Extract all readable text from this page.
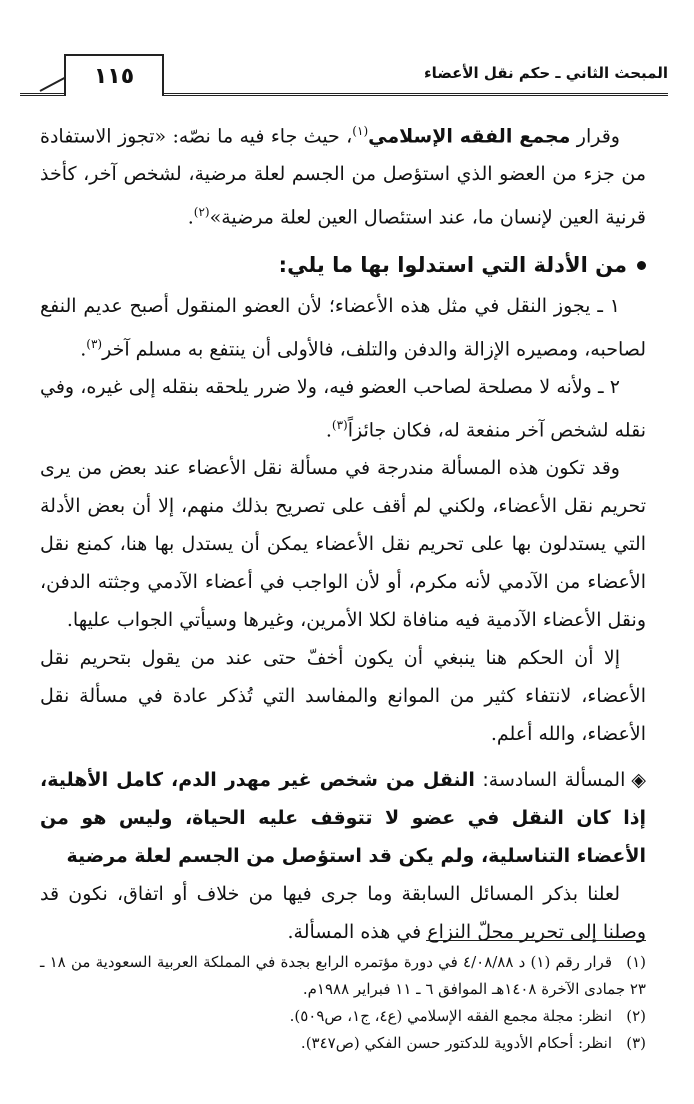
المبحث الثاني ـ حكم نقل الأعضاء
١١٥

وقرار مجمع الفقه الإسلامي$^{(١)}$، حيث جاء فيه ما نصّه: «تجوز الاستفادة من جزء من العضو الذي استؤصل من الجسم لعلة مرضية، لشخص آخر، كأخذ قرنية العين لإنسان ما، عند استئصال العين لعلة مرضية»$^{(٢)}$.

من الأدلة التي استدلوا بها ما يلي:

١ ـ يجوز النقل في مثل هذه الأعضاء؛ لأن العضو المنقول أصبح عديم النفع لصاحبه، ومصيره الإزالة والدفن والتلف، فالأولى أن ينتفع به مسلم آخر$^{(٣)}$.

٢ ـ ولأنه لا مصلحة لصاحب العضو فيه، ولا ضرر يلحقه بنقله إلى غيره، وفي نقله لشخص آخر منفعة له، فكان جائزاً$^{(٣)}$.

وقد تكون هذه المسألة مندرجة في مسألة نقل الأعضاء عند بعض من يرى تحريم نقل الأعضاء، ولكني لم أقف على تصريح بذلك منهم، إلا أن بعض الأدلة التي يستدلون بها على تحريم نقل الأعضاء يمكن أن يستدل بها هنا، كمنع نقل الأعضاء من الآدمي لأنه مكرم، أو لأن الواجب في أعضاء الآدمي وجثته الدفن، ونقل الأعضاء الآدمية فيه منافاة لكلا الأمرين، وغيرها وسيأتي الجواب عليها.

إلا أن الحكم هنا ينبغي أن يكون أخفّ حتى عند من يقول بتحريم نقل الأعضاء، لانتفاء كثير من الموانع والمفاسد التي تُذكر عادة في مسألة نقل الأعضاء، والله أعلم.

◈المسألة السادسة: النقل من شخص غير مهدر الدم، كامل الأهلية، إذا كان النقل في عضو لا تتوقف عليه الحياة، وليس هو من الأعضاء التناسلية، ولم يكن قد استؤصل من الجسم لعلة مرضية

لعلنا بذكر المسائل السابقة وما جرى فيها من خلاف أو اتفاق، نكون قد وصلنا إلى تحرير محلّ النزاع في هذه المسألة.

(١)قرار رقم (١) د ٤/٠٨/٨٨ في دورة مؤتمره الرابع بجدة في المملكة العربية السعودية من ١٨ ـ ٢٣ جمادى الآخرة ١٤٠٨هـ الموافق ٦ ـ ١١ فبراير ١٩٨٨م.

(٢)انظر: مجلة مجمع الفقه الإسلامي (ع٤، ج١، ص٥٠٩).

(٣)انظر: أحكام الأدوية للدكتور حسن الفكي (ص٣٤٧).
